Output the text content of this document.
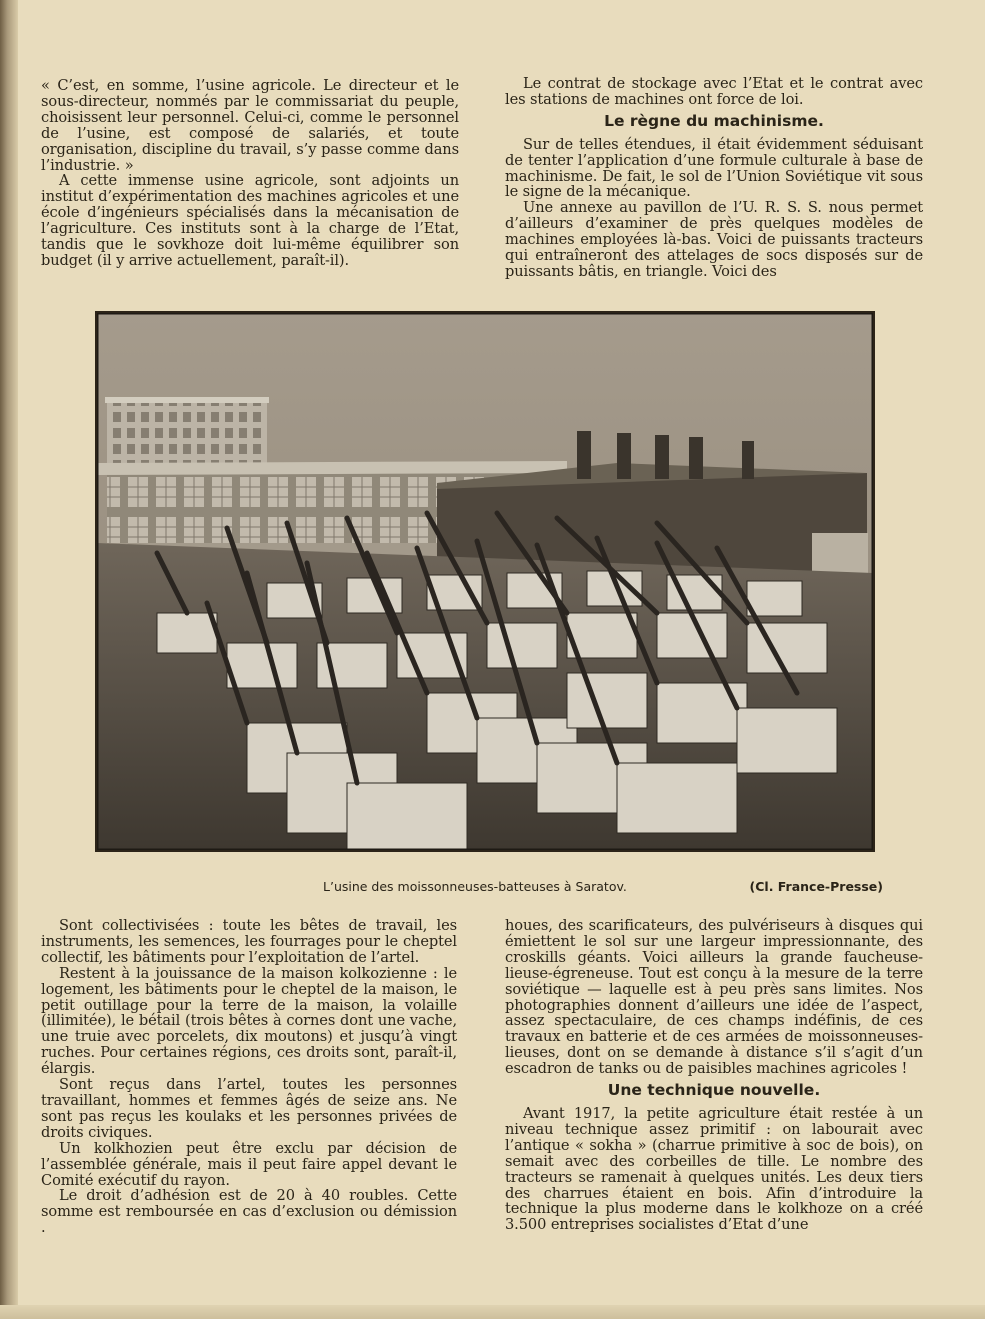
« C’est, en somme, l’usine agricole. Le directeur et le sous-directeur, nommés par le commissariat du peuple, choisissent leur personnel. Celui-ci, comme le personnel de l’usine, est composé de salariés, et toute organisation, discipline du travail, s’y passe comme dans l’industrie. »

A cette immense usine agricole, sont adjoints un institut d’expérimentation des machines agricoles et une école d’ingénieurs spécialisés dans la mécanisation de l’agriculture. Ces instituts sont à la charge de l’Etat, tandis que le sovkhoze doit lui-même équilibrer son budget (il y arrive actuellement, paraît-il).

Le contrat de stockage avec l’Etat et le contrat avec les stations de machines ont force de loi.

Le règne du machinisme.

Sur de telles étendues, il était évidemment séduisant de tenter l’application d’une formule culturale à base de machinisme. De fait, le sol de l’Union Soviétique vit sous le signe de la mécanique.

Une annexe au pavillon de l’U. R. S. S. nous permet d’ailleurs d’examiner de près quelques modèles de machines employées là-bas. Voici de puissants tracteurs qui entraîneront des attelages de socs disposés sur de puissants bâtis, en triangle. Voici des

L’usine des moissonneuses-batteuses à Saratov.	(Cl. France-Presse)

Sont collectivisées : toute les bêtes de travail, les instruments, les semences, les fourrages pour le cheptel collectif, les bâtiments pour l’exploitation de l’artel.

Restent à la jouissance de la maison kolkozienne : le logement, les bâtiments pour le cheptel de la maison, le petit outillage pour la terre de la maison, la volaille (illimitée), le bétail (trois bêtes à cornes dont une vache, une truie avec porcelets, dix moutons) et jusqu’à vingt ruches. Pour certaines régions, ces droits sont, paraît-il, élargis.

Sont reçus dans l’artel, toutes les personnes travaillant, hommes et femmes âgés de seize ans. Ne sont pas reçus les koulaks et les personnes privées de droits civiques.

Un kolkhozien peut être exclu par décision de l’assemblée générale, mais il peut faire appel devant le Comité exécutif du rayon.

Le droit d’adhésion est de 20 à 40 roubles. Cette somme est remboursée en cas d’exclusion ou démission .

houes, des scarificateurs, des pulvériseurs à disques qui émiettent le sol sur une largeur impressionnante, des croskills géants. Voici ailleurs la grande faucheuse-lieuse-égreneuse. Tout est conçu à la mesure de la terre soviétique — laquelle est à peu près sans limites. Nos photographies donnent d’ailleurs une idée de l’aspect, assez spectaculaire, de ces champs indéfinis, de ces travaux en batterie et de ces armées de moissonneuses-lieuses, dont on se demande à distance s’il s’agit d’un escadron de tanks ou de paisibles machines agricoles !

Une technique nouvelle.

Avant 1917, la petite agriculture était restée à un niveau technique assez primitif : on labourait avec l’antique « sokha » (charrue primitive à soc de bois), on semait avec des corbeilles de tille. Le nombre des tracteurs se ramenait à quelques unités. Les deux tiers des charrues étaient en bois. Afin d’introduire la technique la plus moderne dans le kolkhoze on a créé 3.500 entreprises socialistes d’Etat d’une
